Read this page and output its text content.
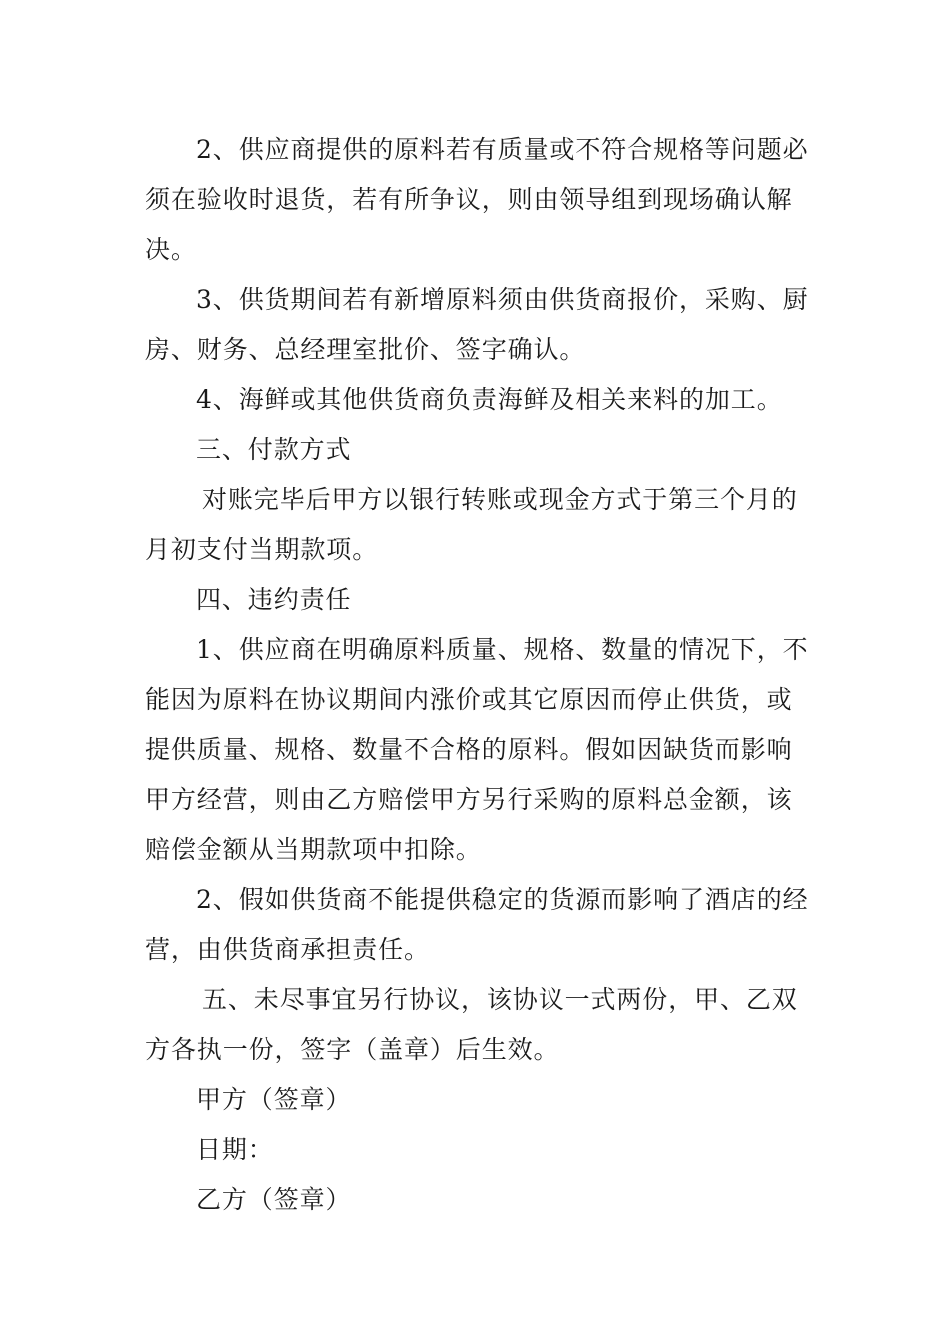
2、供应商提供的原料若有质量或不符合规格等问题必
须在验收时退货，若有所争议，则由领导组到现场确认解
决。
3、供货期间若有新增原料须由供货商报价，采购、厨
房、财务、总经理室批价、签字确认。
4、海鲜或其他供货商负责海鲜及相关来料的加工。
三、付款方式
对账完毕后甲方以银行转账或现金方式于第三个月的
月初支付当期款项。
四、违约责任
1、供应商在明确原料质量、规格、数量的情况下，不
能因为原料在协议期间内涨价或其它原因而停止供货，或
提供质量、规格、数量不合格的原料。假如因缺货而影响
甲方经营，则由乙方赔偿甲方另行采购的原料总金额，该
赔偿金额从当期款项中扣除。
2、假如供货商不能提供稳定的货源而影响了酒店的经
营，由供货商承担责任。
五、未尽事宜另行协议，该协议一式两份，甲、乙双
方各执一份，签字（盖章）后生效。
甲方（签章）
日期：
乙方（签章）
